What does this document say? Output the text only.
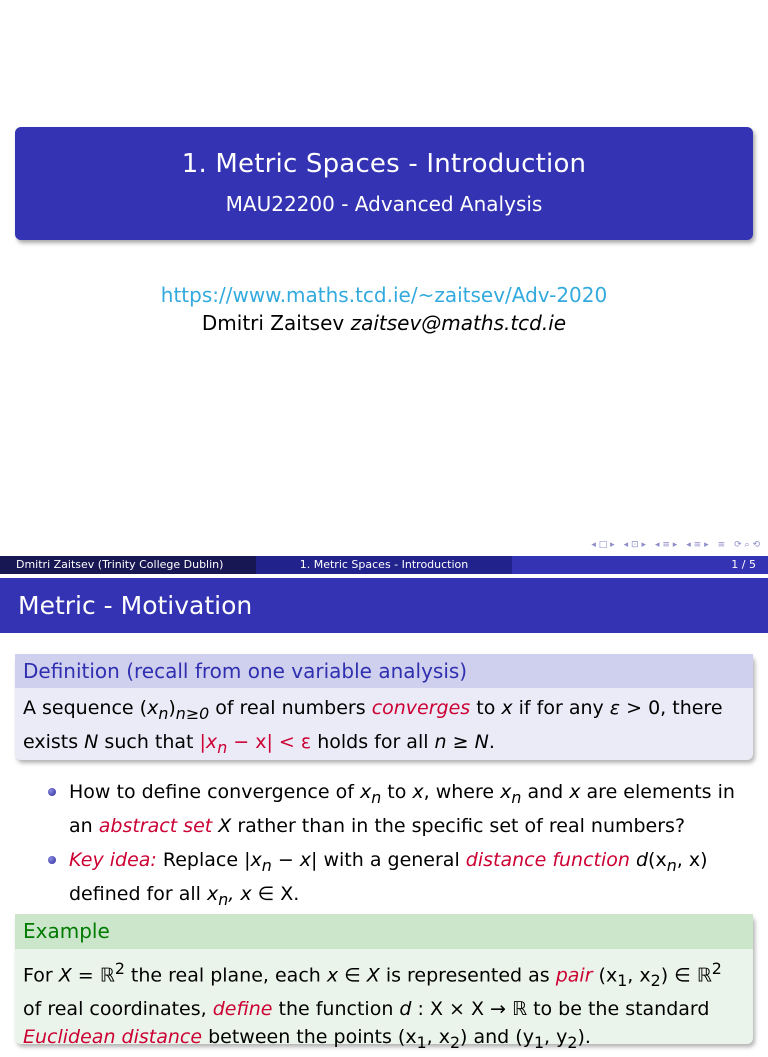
1. Metric Spaces - Introduction
MAU22200 - Advanced Analysis
https://www.maths.tcd.ie/~zaitsev/Adv-2020
Dmitri Zaitsev zaitsev@maths.tcd.ie
◂ □ ▸ ◂ ⊡ ▸ ◂ ≡ ▸ ◂ ≡ ▸ ≡ ⟳ ⌕ ⟲
Dmitri Zaitsev (Trinity College Dublin)	1. Metric Spaces - Introduction	1 / 5
Metric - Motivation
Definition (recall from one variable analysis)
A sequence $(x_n)_{n\ge 0}$ of real numbers converges to x if for any ε > 0, there
exists N such that $|x_n - x| < \varepsilon$ holds for all n ≥ N.
How to define convergence of $x_n$ to x, where $x_n$ and x are elements in
an abstract set X rather than in the specific set of real numbers?
Key idea: Replace $|x_n - x|$ with a general distance function $d(x_n$, x)
defined for all $x_n$, x ∈ X.
Example
For X = ℝ$^2$ the real plane, each x ∈ X is represented as pair ($x_1$, $x_2$) ∈ ℝ$^2$
of real coordinates, define the function d : X × X → ℝ to be the standard
Euclidean distance between the points ($x_1$, $x_2$) and ($y_1$, $y_2$).
